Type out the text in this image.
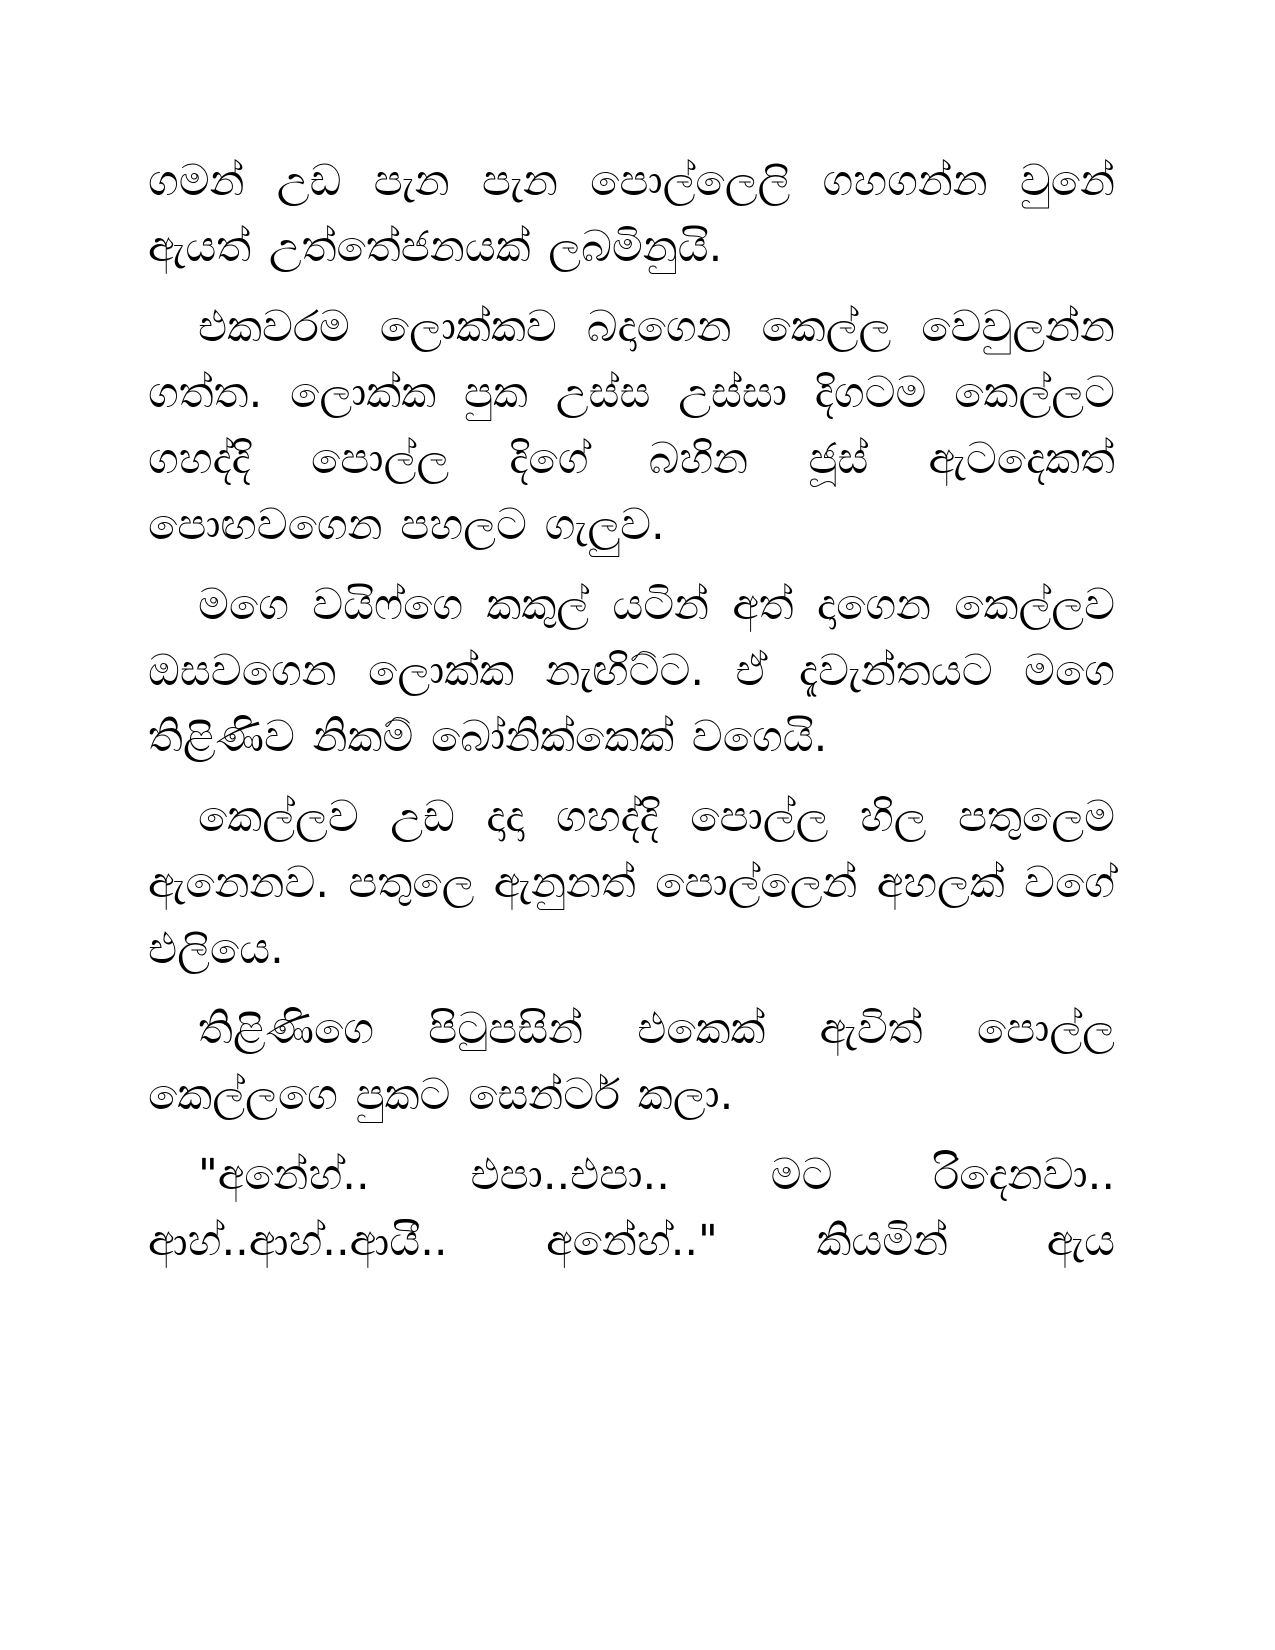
ගමන් උඩ පැන පැන පොල්ලෙලි ගහගන්න වුනේ ඇයත් උත්තේජනයක් ලබමිනුයි.

එකවරම ලොක්කව බදාගෙන කෙල්ල වෙවුලන්න ගත්ත. ලොක්ක පුක උස්ස උස්සා දිගටම කෙල්ලට ගහද්දි පොල්ල දිගේ බහින ජූස් ඇටදෙකත් පොඟවගෙන පහලට ගැලුව.

මගෙ වයිෆ්ගෙ කකුල් යටින් අත් දාගෙන කෙල්ලව ඔසවගෙන ලොක්ක නැඟිට්ට. ඒ දැවැන්තයට මගෙ තිළිණිව නිකම් බෝනික්කෙක් වගෙයි.

කෙල්ලව උඩ දාදා ගහද්දි පොල්ල හිල පතුලෙම ඇනෙනව. පතුලෙ ඇනුනත් පොල්ලෙන් අහලක් වගේ එලියෙ.

තිළිණිගෙ පිටුපසින් එකෙක් ඇවිත් පොල්ල කෙල්ලගෙ පුකට සෙන්ටර් කලා.

"අනේහ්.. එපා..එපා.. මට රිදෙනවා.. ආහ්..ආහ්..ආයී.. අනේහ්.." කියමින් ඇය
